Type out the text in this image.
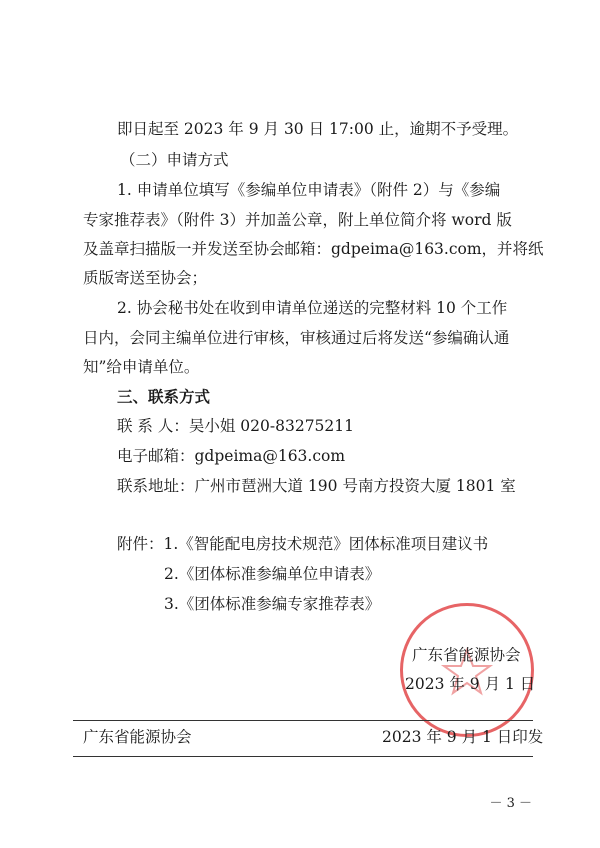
即日起至 2023 年 9 月 30 日 17:00 止，逾期不予受理。
（二）申请方式
1. 申请单位填写《参编单位申请表》（附件 2）与《参编
专家推荐表》（附件 3）并加盖公章，附上单位简介将 word 版
及盖章扫描版一并发送至协会邮箱：gdpeima@163.com，并将纸
质版寄送至协会；
2. 协会秘书处在收到申请单位递送的完整材料 10 个工作
日内，会同主编单位进行审核，审核通过后将发送“参编确认通
知”给申请单位。
三、联系方式
联 系 人：吴小姐 020-83275211
电子邮箱：gdpeima@163.com
联系地址：广州市琶洲大道 190 号南方投资大厦 1801 室
附件：1.《智能配电房技术规范》团体标准项目建议书
2.《团体标准参编单位申请表》
3.《团体标准参编专家推荐表》
广东省能源协会
2023 年 9 月 1 日
广东省能源协会	2023 年 9 月 1 日印发
－ 3 －
